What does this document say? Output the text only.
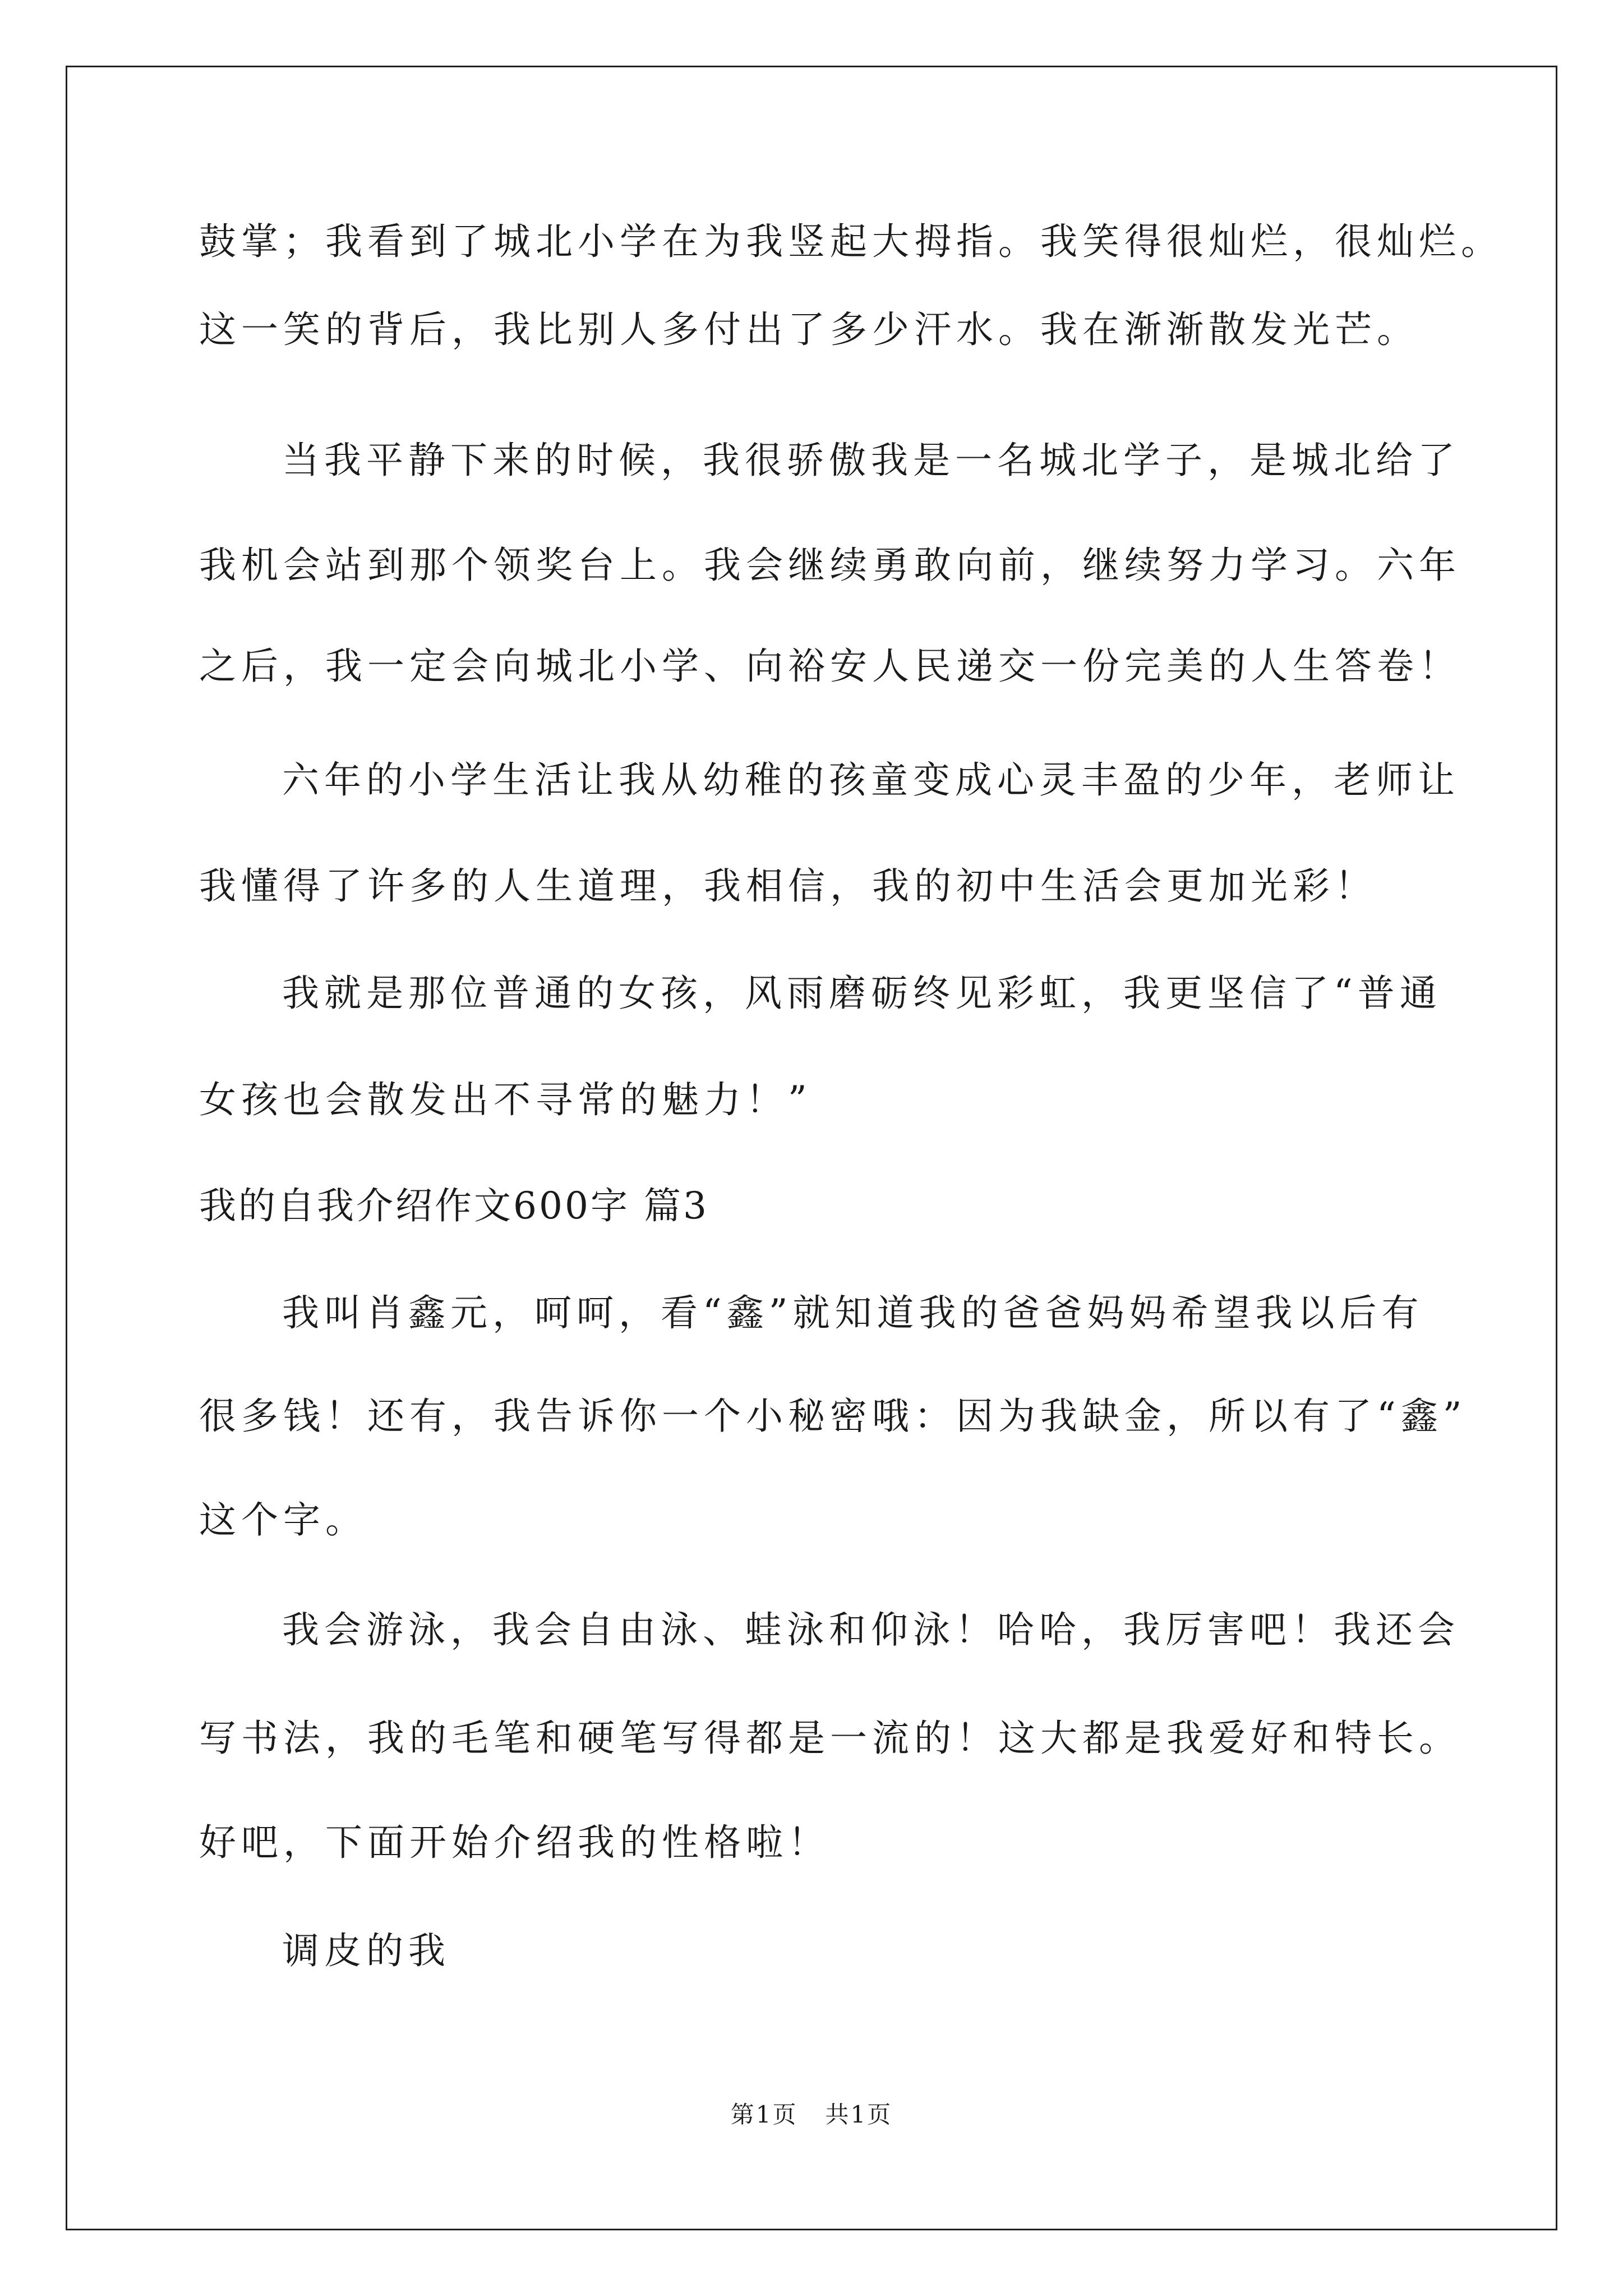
鼓掌；我看到了城北小学在为我竖起大拇指。我笑得很灿烂，很灿烂。
这一笑的背后，我比别人多付出了多少汗水。我在渐渐散发光芒。
当我平静下来的时候，我很骄傲我是一名城北学子，是城北给了
我机会站到那个领奖台上。我会继续勇敢向前，继续努力学习。六年
之后，我一定会向城北小学、向裕安人民递交一份完美的人生答卷！
六年的小学生活让我从幼稚的孩童变成心灵丰盈的少年，老师让
我懂得了许多的人生道理，我相信，我的初中生活会更加光彩！
我就是那位普通的女孩，风雨磨砺终见彩虹，我更坚信了“普通
女孩也会散发出不寻常的魅力！”
我的自我介绍作文600字 篇3
我叫肖鑫元，呵呵，看“鑫”就知道我的爸爸妈妈希望我以后有
很多钱！还有，我告诉你一个小秘密哦：因为我缺金，所以有了“鑫”
这个字。
我会游泳，我会自由泳、蛙泳和仰泳！哈哈，我厉害吧！我还会
写书法，我的毛笔和硬笔写得都是一流的！这大都是我爱好和特长。
好吧，下面开始介绍我的性格啦！
调皮的我
第1页   共1页
